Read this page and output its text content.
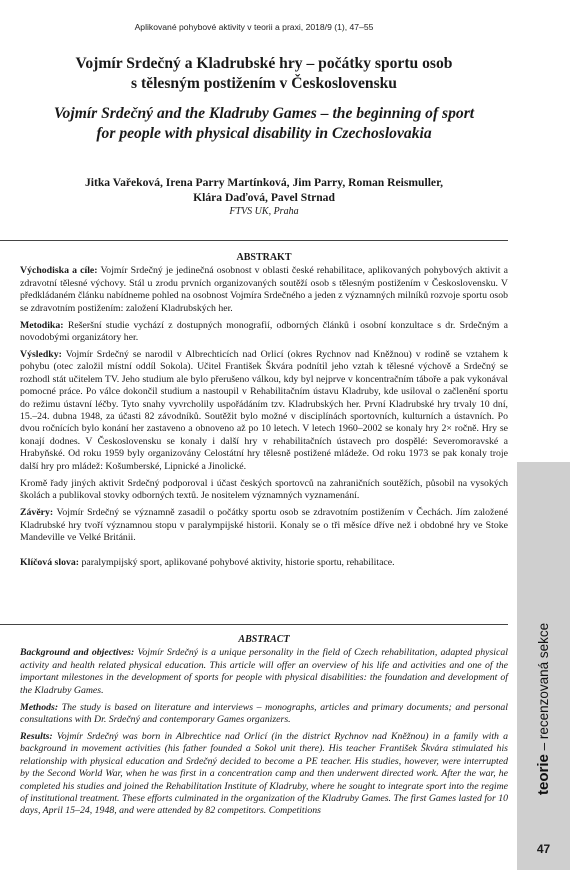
Aplikované pohybové aktivity v teorii a praxi, 2018/9 (1), 47–55
Vojmír Srdečný a Kladrubské hry – počátky sportu osob
s tělesným postižením v Československu
Vojmír Srdečný and the Kladruby Games – the beginning of sport
for people with physical disability in Czechoslovakia
Jitka Vařeková, Irena Parry Martínková, Jim Parry, Roman Reismuller,
Klára Daďová, Pavel Strnad
FTVS UK, Praha
ABSTRAKT

Východiska a cíle: Vojmír Srdečný je jedinečná osobnost v oblasti české rehabilitace, aplikovaných pohybových aktivit a zdravotní tělesné výchovy. Stál u zrodu prvních organizovaných soutěží osob s tělesným postižením v Československu. V předkládaném článku nabídneme pohled na osobnost Vojmíra Srdečného a jeden z významných milníků rozvoje sportu osob se zdravotním postižením: založení Kladrubských her.

Metodika: Rešeršní studie vychází z dostupných monografií, odborných článků i osobní konzultace s dr. Srdečným a novodobými organizátory her.

Výsledky: Vojmír Srdečný se narodil v Albrechticích nad Orlicí (okres Rychnov nad Kněžnou) v rodině se vztahem k pohybu (otec založil místní oddíl Sokola). Učitel František Škvára podnítil jeho vztah k tělesné výchově a Srdečný se rozhodl stát učitelem TV. Jeho studium ale bylo přerušeno válkou, kdy byl nejprve v koncentračním táboře a pak vykonával pomocné práce. Po válce dokončil studium a nastoupil v Rehabilitačním ústavu Kladruby, kde usiloval o začlenění sportu do režimu ústavní léčby. Tyto snahy vyvrcholily uspořádáním tzv. Kladrubských her. První Kladrubské hry trvaly 10 dní, 15.–24. dubna 1948, za účasti 82 závodníků. Soutěžit bylo možné v disciplínách sportovních, kulturních a ústavních. Po dvou ročnících bylo konání her zastaveno a obnoveno až po 10 letech. V letech 1960–2002 se konaly hry 2× ročně. Hry se konají dodnes. V Československu se konaly i další hry v rehabilitačních ústavech pro dospělé: Severomoravské a Hrabyňské. Od roku 1959 byly organizovány Celostátní hry tělesně postižené mládeže. Od roku 1973 se pak konaly troje další hry pro mládež: Košumberské, Lipnické a Jinolické.

Kromě řady jiných aktivit Srdečný podporoval i účast českých sportovců na zahraničních soutěžích, působil na vysokých školách a publikoval stovky odborných textů. Je nositelem významných vyznamenání.

Závěry: Vojmír Srdečný se významně zasadil o počátky sportu osob se zdravotním postižením v Čechách. Jím založené Kladrubské hry tvoří významnou stopu v paralympijské historii. Konaly se o tři měsíce dříve než i obdobné hry ve Stoke Mandeville ve Velké Británii.

Klíčová slova: paralympijský sport, aplikované pohybové aktivity, historie sportu, rehabilitace.

ABSTRACT

Background and objectives: Vojmír Srdečný is a unique personality in the field of Czech rehabilitation, adapted physical activity and health related physical education. This article will offer an overview of his life and activities and one of the important milestones in the development of sports for people with physical disabilities: the foundation and development of the Kladruby Games.

Methods: The study is based on literature and interviews – monographs, articles and primary documents; and personal consultations with Dr. Srdečný and contemporary Games organizers.

Results: Vojmír Srdečný was born in Albrechtice nad Orlicí (in the district Rychnov nad Kněžnou) in a family with a background in movement activities (his father founded a Sokol unit there). His teacher František Škvára stimulated his relationship with physical education and Srdečný decided to become a PE teacher. His studies, however, were interrupted by the Second World War, when he was first in a concentration camp and then underwent directed work. After the war, he completed his studies and joined the Rehabilitation Institute of Kladruby, where he sought to integrate sport into the regime of institutional treatment. These efforts culminated in the organization of the Kladruby Games. The first Games lasted for 10 days, April 15–24, 1948, and were attended by 82 competitors. Competitions

teorie – recenzovaná sekce
47
